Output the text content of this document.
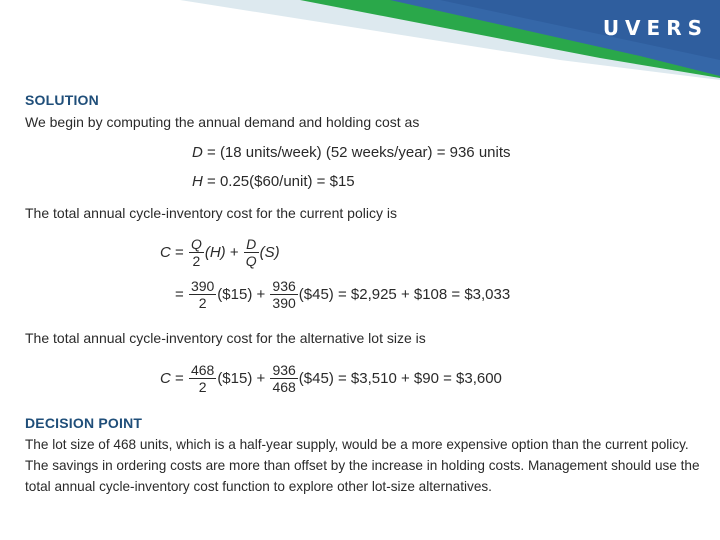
UVERS
SOLUTION
We begin by computing the annual demand and holding cost as
D = (18 units/week) (52 weeks/year) = 936 units
H = 0.25($60/unit) = $15
The total annual cycle-inventory cost for the current policy is
$C = \frac{Q}{2} (H) + \frac{D}{Q} (S)$
= $\frac{390}{2}$ ($15) + $\frac{936}{390}$ ($45) = $2,925 + $108 = $3,033
The total annual cycle-inventory cost for the alternative lot size is
$C = \frac{468}{2}$ ($15) + $\frac{936}{468}$ ($45) = $3,510 + $90 = $3,600
DECISION POINT
The lot size of 468 units, which is a half-year supply, would be a more expensive option than the current policy. The savings in ordering costs are more than offset by the increase in holding costs. Management should use the total annual cycle-inventory cost function to explore other lot-size alternatives.
